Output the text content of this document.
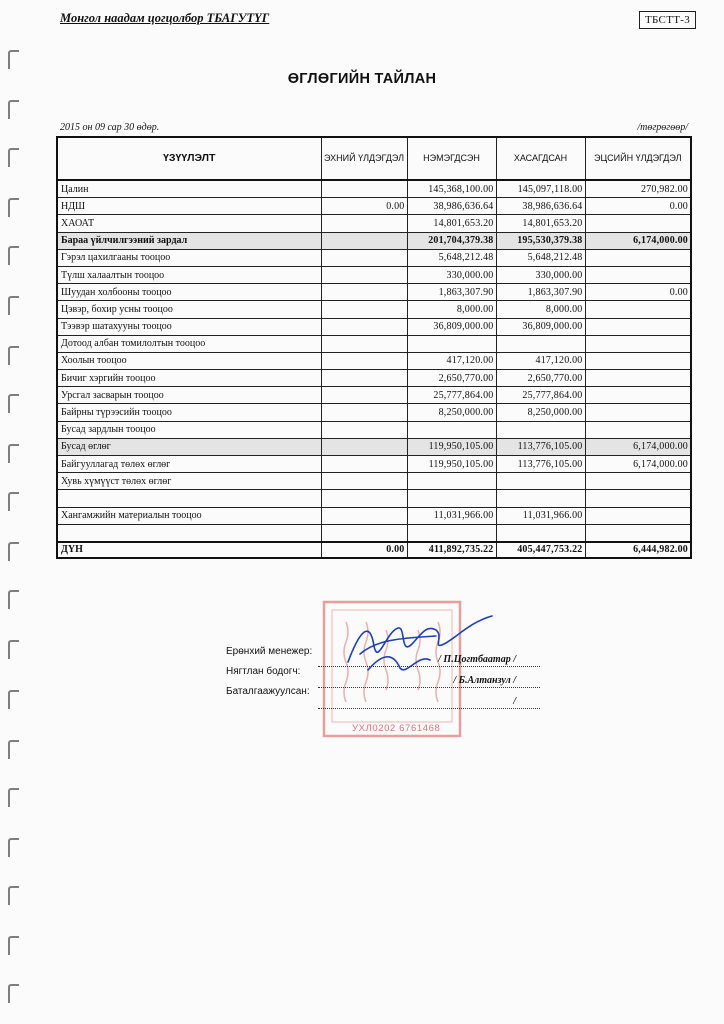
Монгол наадам цогцолбор ТБАГУТҮГ	ТБСТТ-3
ӨГЛӨГИЙН ТАЙЛАН
2015 он 09 сар 30 өдөр.	/төгрөгөөр/
ҮЗҮҮЛЭЛТ	ЭХНИЙ ҮЛДЭГДЭЛ	НЭМЭГДСЭН	ХАСАГДСАН	ЭЦСИЙН ҮЛДЭГДЭЛ
Цалин		145,368,100.00	145,097,118.00	270,982.00
НДШ	0.00	38,986,636.64	38,986,636.64	0.00
ХАОАТ		14,801,653.20	14,801,653.20	
Бараа үйлчилгээний зардал		201,704,379.38	195,530,379.38	6,174,000.00
Гэрэл цахилгааны тооцоо		5,648,212.48	5,648,212.48	
Түлш халаалтын тооцоо		330,000.00	330,000.00	
Шуудан холбооны тооцоо		1,863,307.90	1,863,307.90	0.00
Цэвэр, бохир усны тооцоо		8,000.00	8,000.00	
Тээвэр шатахууны тооцоо		36,809,000.00	36,809,000.00	
Дотоод албан томилолтын тооцоо				
Хоолын тооцоо		417,120.00	417,120.00	
Бичиг хэргийн тооцоо		2,650,770.00	2,650,770.00	
Урсгал засварын тооцоо		25,777,864.00	25,777,864.00	
Байрны түрээсийн тооцоо		8,250,000.00	8,250,000.00	
Бусад зардлын тооцоо				
Бусад өглөг		119,950,105.00	113,776,105.00	6,174,000.00
Байгууллагад төлөх өглөг		119,950,105.00	113,776,105.00	6,174,000.00
Хувь хүмүүст төлөх өглөг				

Хангамжийн материалын тооцоо		11,031,966.00	11,031,966.00	

ДҮН	0.00	411,892,735.22	405,447,753.22	6,444,982.00
УХЛ0202 6761468
Ерөнхий менежер:
Нягтлан бодогч:
Баталгаажуулсан:
/ П.Цогтбаатар /
/ Б.Алтанзул /
/
